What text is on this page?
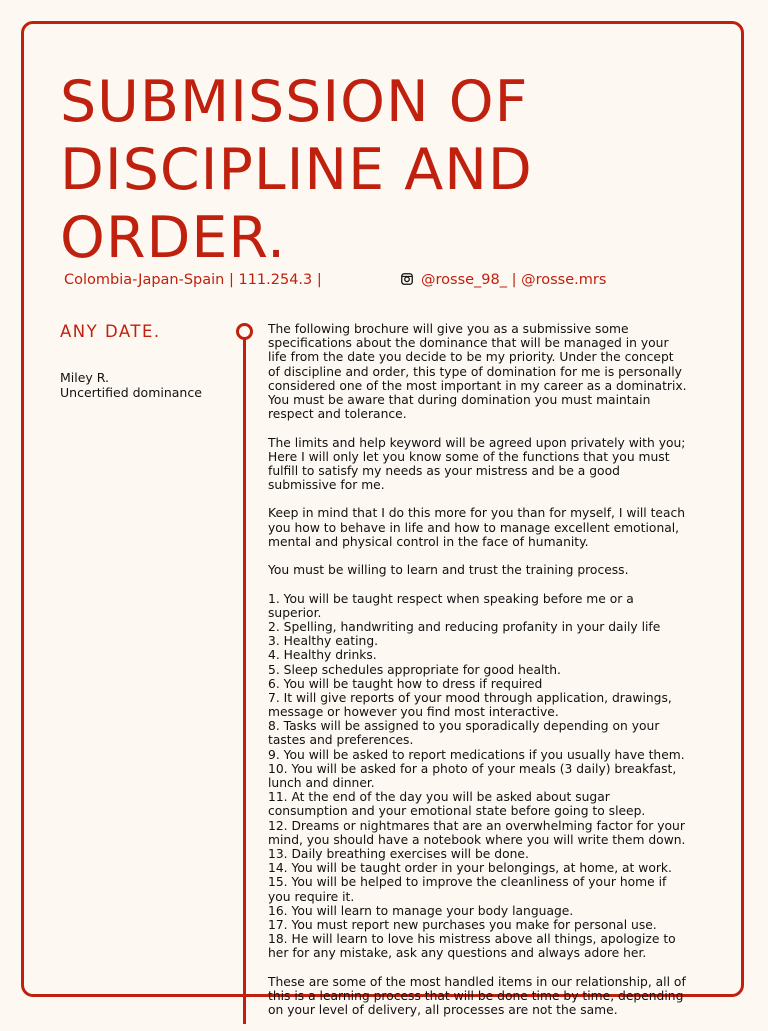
SUBMISSION OF
DISCIPLINE AND
ORDER.
Colombia-Japan-Spain | 111.254.3 |	@rosse_98_ | @rosse.mrs
ANY DATE.
Miley R.
Uncertified dominance
The following brochure will give you as a submissive some
specifications about the dominance that will be managed in your
life from the date you decide to be my priority. Under the concept
of discipline and order, this type of domination for me is personally
considered one of the most important in my career as a dominatrix.
You must be aware that during domination you must maintain
respect and tolerance.
The limits and help keyword will be agreed upon privately with you;
Here I will only let you know some of the functions that you must
fulfill to satisfy my needs as your mistress and be a good
submissive for me.
Keep in mind that I do this more for you than for myself, I will teach
you how to behave in life and how to manage excellent emotional,
mental and physical control in the face of humanity.
You must be willing to learn and trust the training process.
1. You will be taught respect when speaking before me or a
superior.
2. Spelling, handwriting and reducing profanity in your daily life
3. Healthy eating.
4. Healthy drinks.
5. Sleep schedules appropriate for good health.
6. You will be taught how to dress if required
7. It will give reports of your mood through application, drawings,
message or however you find most interactive.
8. Tasks will be assigned to you sporadically depending on your
tastes and preferences.
9. You will be asked to report medications if you usually have them.
10. You will be asked for a photo of your meals (3 daily) breakfast,
lunch and dinner.
11. At the end of the day you will be asked about sugar
consumption and your emotional state before going to sleep.
12. Dreams or nightmares that are an overwhelming factor for your
mind, you should have a notebook where you will write them down.
13. Daily breathing exercises will be done.
14. You will be taught order in your belongings, at home, at work.
15. You will be helped to improve the cleanliness of your home if
you require it.
16. You will learn to manage your body language.
17. You must report new purchases you make for personal use.
18. He will learn to love his mistress above all things, apologize to
her for any mistake, ask any questions and always adore her.
These are some of the most handled items in our relationship, all of
this is a learning process that will be done time by time, depending
on your level of delivery, all processes are not the same.
